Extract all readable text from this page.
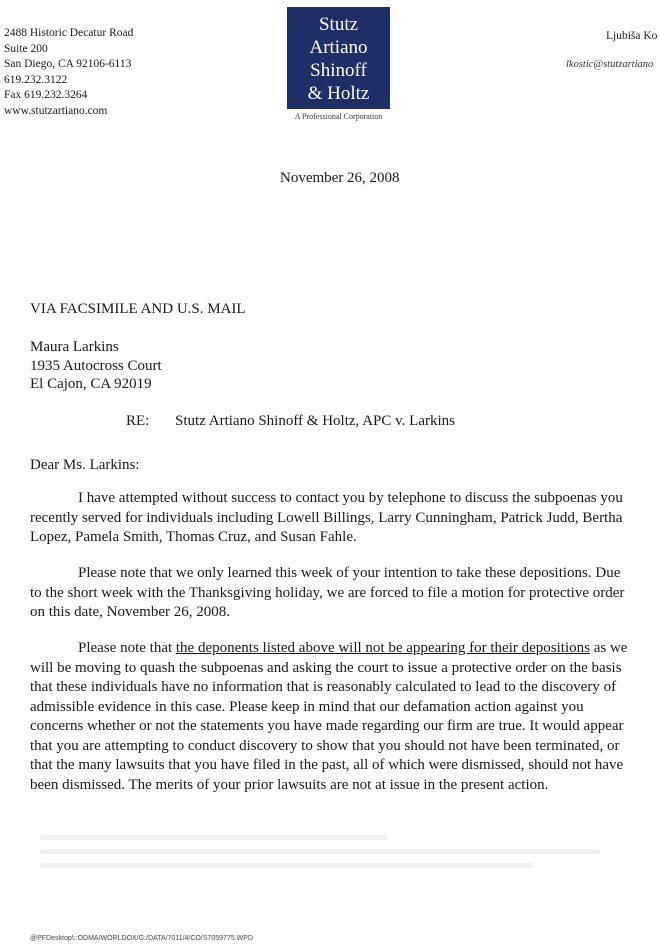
2488 Historic Decatur Road
Suite 200
San Diego, CA 92106-6113
619.232.3122
Fax 619.232.3264
www.stutzartiano.com
Stutz
Artiano
Shinoff
& Holtz
A Professional Corporation
Ljubiša Ko
lkostic@stutzartiano
November 26, 2008
VIA FACSIMILE AND U.S. MAIL
Maura Larkins
1935 Autocross Court
El Cajon, CA 92019
RE: Stutz Artiano Shinoff & Holtz, APC v. Larkins
Dear Ms. Larkins:
I have attempted without success to contact you by telephone to discuss the subpoenas you
recently served for individuals including Lowell Billings, Larry Cunningham, Patrick Judd, Bertha
Lopez, Pamela Smith, Thomas Cruz, and Susan Fahle.
Please note that we only learned this week of your intention to take these depositions. Due
to the short week with the Thanksgiving holiday, we are forced to file a motion for protective order
on this date, November 26, 2008.
Please note that the deponents listed above will not be appearing for their depositions as we
will be moving to quash the subpoenas and asking the court to issue a protective order on the basis
that these individuals have no information that is reasonably calculated to lead to the discovery of
admissible evidence in this case. Please keep in mind that our defamation action against you
concerns whether or not the statements you have made regarding our firm are true. It would appear
that you are attempting to conduct discovery to show that you should not have been terminated, or
that the many lawsuits that you have filed in the past, all of which were dismissed, should not have
been dismissed. The merits of your prior lawsuits are not at issue in the present action.
@PFDesktop\::ODMA/WORLDOX/G:/DATA/7011/4/CO/S7059775.WPD
